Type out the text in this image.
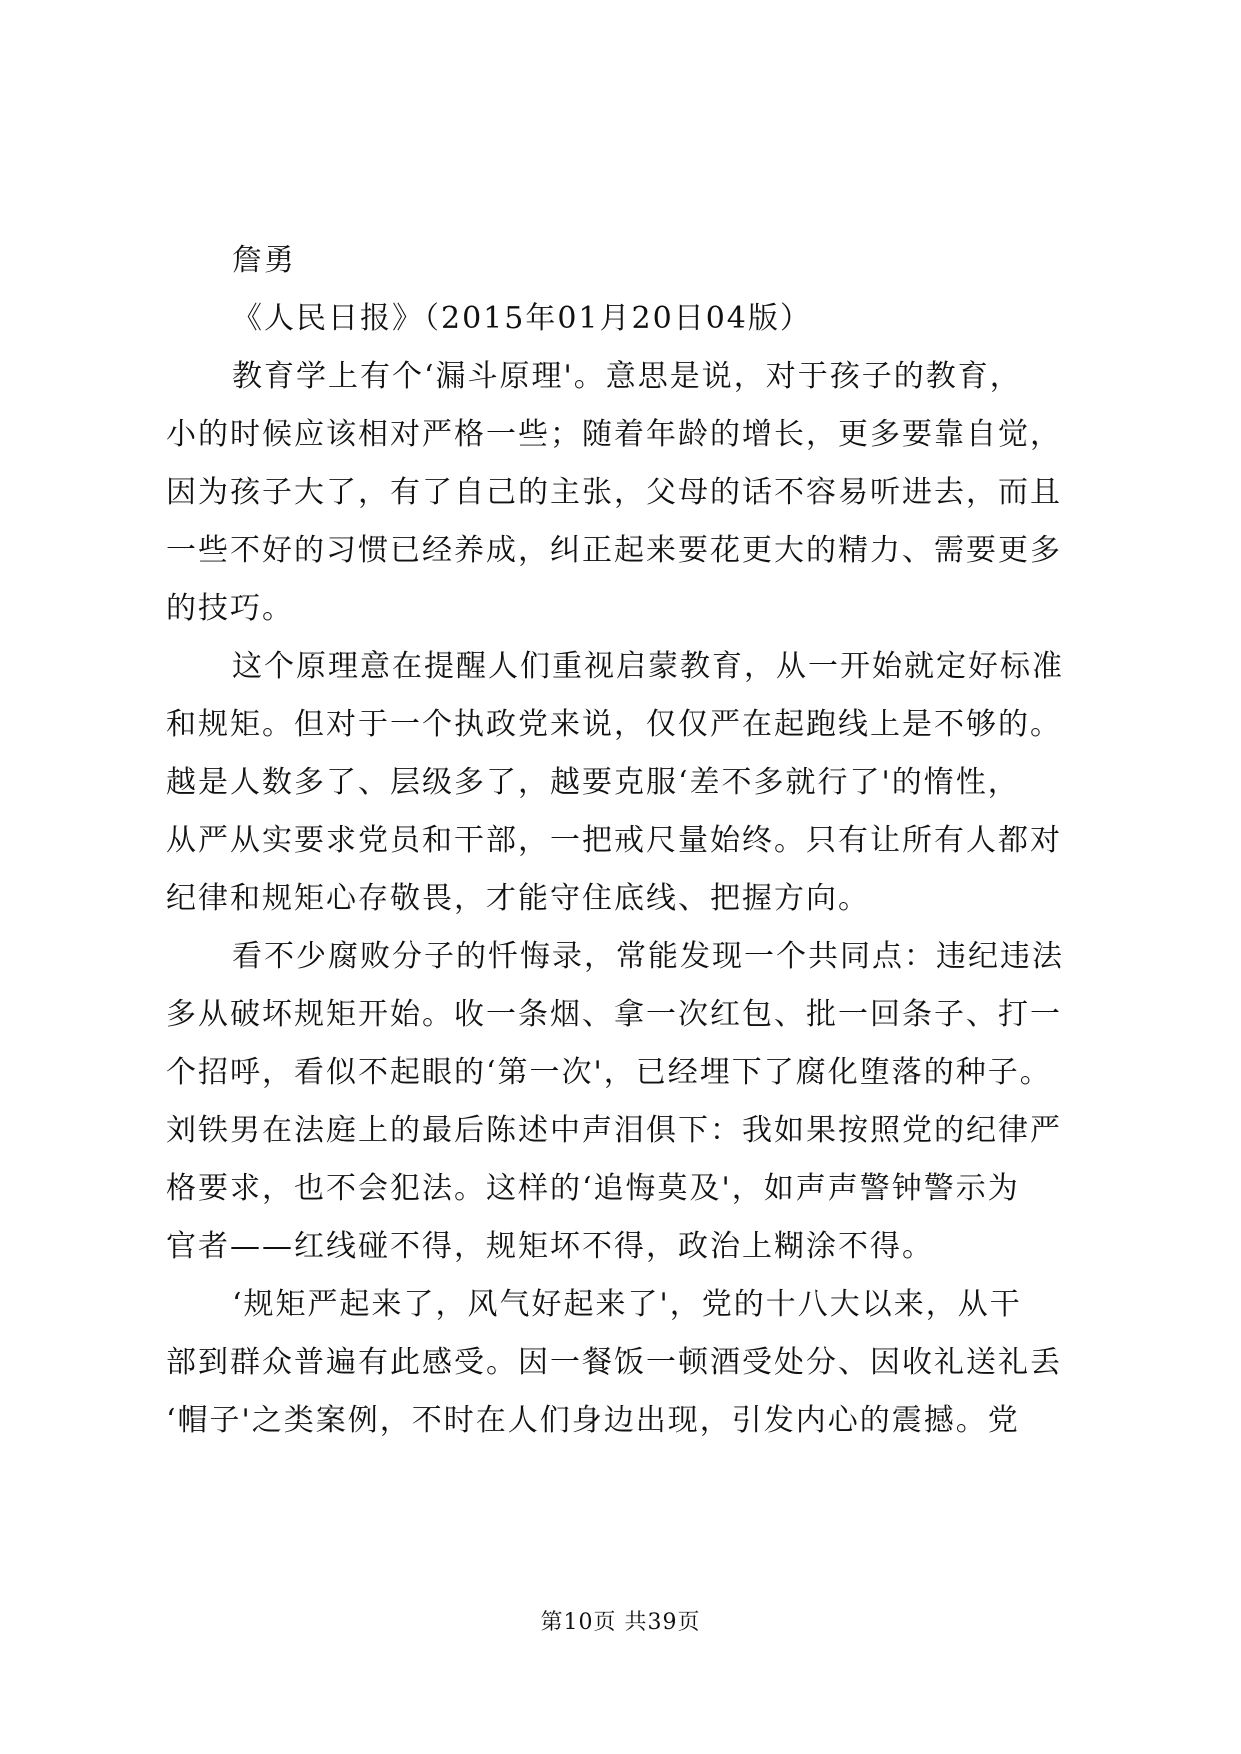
詹勇
《人民日报》（2015年01月20日04版）
教育学上有个‘漏斗原理'。意思是说，对于孩子的教育，
小的时候应该相对严格一些；随着年龄的增长，更多要靠自觉，
因为孩子大了，有了自己的主张，父母的话不容易听进去，而且
一些不好的习惯已经养成，纠正起来要花更大的精力、需要更多
的技巧。
这个原理意在提醒人们重视启蒙教育，从一开始就定好标准
和规矩。但对于一个执政党来说，仅仅严在起跑线上是不够的。
越是人数多了、层级多了，越要克服‘差不多就行了'的惰性，
从严从实要求党员和干部，一把戒尺量始终。只有让所有人都对
纪律和规矩心存敬畏，才能守住底线、把握方向。
看不少腐败分子的忏悔录，常能发现一个共同点：违纪违法
多从破坏规矩开始。收一条烟、拿一次红包、批一回条子、打一
个招呼，看似不起眼的‘第一次'，已经埋下了腐化堕落的种子。
刘铁男在法庭上的最后陈述中声泪俱下：我如果按照党的纪律严
格要求，也不会犯法。这样的‘追悔莫及'，如声声警钟警示为
官者——红线碰不得，规矩坏不得，政治上糊涂不得。
‘规矩严起来了，风气好起来了'，党的十八大以来，从干
部到群众普遍有此感受。因一餐饭一顿酒受处分、因收礼送礼丢
‘帽子'之类案例，不时在人们身边出现，引发内心的震撼。党
第10页 共39页
